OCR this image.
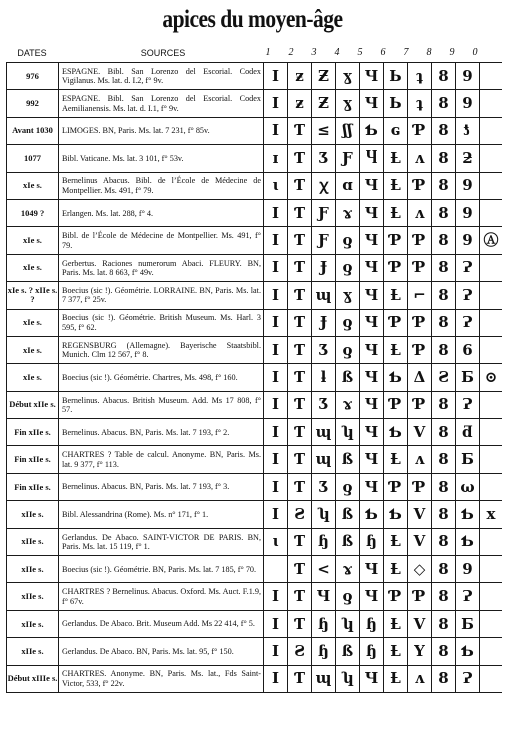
apices du moyen-âge
DATES	SOURCES	1	2	3	4	5	6	7	8	9	0
976	ESPAGNE. Bibl. San Lorenzo del Escorial. Codex Vigilanus. Ms. lat. d. I.2, f° 9v.	I	ƶ	Ƶ	ɣ	Ч	Ь	ʇ	8	9	
992	ESPAGNE. Bibl. San Lorenzo del Escorial. Codex Aemilianensis. Ms. lat. d. I.1, f° 9v.	I	ƶ	Ƶ	ɣ	Ч	Ь	ʇ	8	9	
Avant 1030	LIMOGES. BN, Paris. Ms. lat. 7 231, f° 85v.	I	Ƭ	≤	ʃʃ	Ƅ	ɢ	Ƥ	8	ƾ	
1077	Bibl. Vaticane. Ms. lat. 3 101, f° 53v.	ɪ	Ƭ	Ʒ	Ƒ	Ⴗ	Ƚ	ʌ	8	ƻ	
xIe s.	Bernelinus Abacus. Bibl. de l’École de Médecine de Montpellier. Ms. 491, f° 79.	ɩ	Ƭ	ꭓ	ɑ	Ч	Ƚ	Ƥ	8	9	
1049 ?	Erlangen. Ms. lat. 288, f° 4.	I	Ƭ	Ƒ	ɤ	Ч	Ƚ	ʌ	8	9	
xIe s.	Bibl. de l’École de Médecine de Montpellier. Ms. 491, f° 79.	I	Ƭ	Ƒ	ƍ	Ч	Ƥ	Ƥ	8	9	Ⓐ
xIe s.	Gerbertus. Raciones numerorum Abaci. FLEURY. BN, Paris. Ms. lat. 8 663, f° 49v.	I	Ƭ	Ɉ	ƍ	Ч	Ƥ	Ƥ	8	Ɂ	
xIe s. ? xIIe s. ?	Boecius (sic !). Géométrie. LORRAINE. BN, Paris. Ms. lat. 7 377, f° 25v.	I	Ƭ	ɰ	ɣ	Ч	Ƚ	⌐	8	Ɂ	
xIe s.	Boecius (sic !). Géométrie. British Museum. Ms. Harl. 3 595, f° 62.	I	Ƭ	Ɉ	ƍ	Ч	Ƥ	Ƥ	8	Ɂ	
xIe s.	REGENSBURG (Allemagne). Bayerische Staatsbibl. Munich. Clm 12 567, f° 8.	I	Ƭ	Ʒ	ƍ	Ч	Ƚ	Ƥ	8	6	
xIe s.	Boecius (sic !). Géométrie. Chartres, Ms. 498, f° 160.	I	Ƭ	ƚ	ß	Ч	Ƅ	Δ	Ƨ	Ƃ	⊙
Début xIIe s.	Bernelinus. Abacus. British Museum. Add. Ms 17 808, f° 57.	I	Ƭ	Ʒ	ɤ	Ч	Ƥ	Ƥ	8	Ɂ	
Fin xIIe s.	Bernelinus. Abacus. BN, Paris. Ms. lat. 7 193, f° 2.	I	Ƭ	ɰ	ʮ	Ч	Ƅ	V	8	ƌ	
Fin xIIe s.	CHARTRES ? Table de calcul. Anonyme. BN, Paris. Ms. lat. 9 377, f° 113.	I	Ƭ	ɰ	ß	Ч	Ƚ	ʌ	8	Ƃ	
Fin xIIe s.	Bernelinus. Abacus. BN, Paris. Ms. lat. 7 193, f° 3.	I	Ƭ	Ʒ	ƍ	Ч	Ƥ	Ƥ	8	ω	
xIIe s.	Bibl. Alessandrina (Rome). Ms. n° 171, f° 1.	I	Ƨ	ʮ	ß	Ƅ	Ƅ	V	8	Ƅ	x
xIIe s.	Gerlandus. De Abaco. SAINT-VICTOR DE PARIS. BN, Paris. Ms. lat. 15 119, f° 1.	ɩ	Ƭ	ɧ	ß	ɧ	Ƚ	V	8	Ƅ	
xIIe s.	Boecius (sic !). Géométrie. BN, Paris. Ms. lat. 7 185, f° 70.		Ƭ	<	ɤ	Ч	Ƚ	◇	8	9	
xIIe s.	CHARTRES ? Bernelinus. Abacus. Oxford. Ms. Auct. F.1.9, f° 67v.	I	Ƭ	Ч	ƍ	Ч	Ƥ	Ƥ	8	Ɂ	
xIIe s.	Gerlandus. De Abaco. Brit. Museum Add. Ms 22 414, f° 5.	I	Ƭ	ɧ	ʮ	ɧ	Ƚ	V	8	Ƃ	
xIIe s.	Gerlandus. De Abaco. BN, Paris. Ms. lat. 95, f° 150.	I	Ƨ	ɧ	ß	ɧ	Ƚ	Y	8	Ƅ	
Début xIIIe s.	CHARTRES. Anonyme. BN, Paris. Ms. lat., Fds Saint-Victor, 533, f° 22v.	I	Ƭ	ɰ	ʮ	Ч	Ƚ	ʌ	8	Ɂ	
